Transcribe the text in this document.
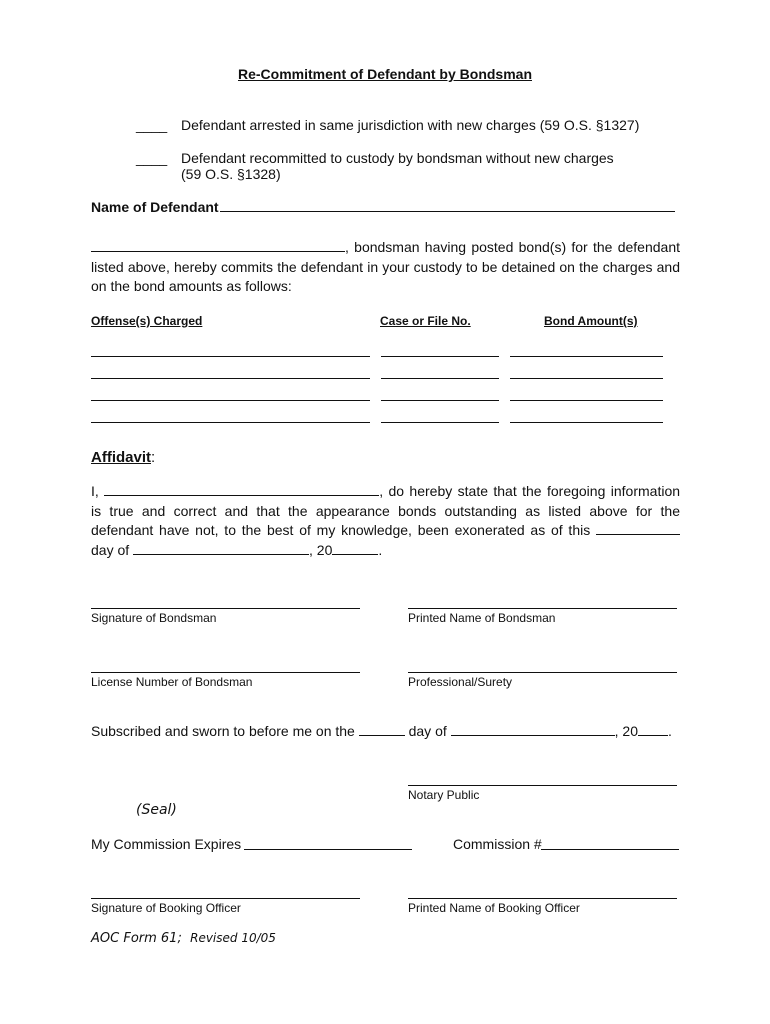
Re-Commitment of Defendant by Bondsman
____ Defendant arrested in same jurisdiction with new charges (59 O.S. §1327)
____ Defendant recommitted to custody by bondsman without new charges
(59 O.S. §1328)
Name of Defendant
, bondsman having posted bond(s) for the defendant listed above, hereby commits the defendant in your custody to be detained on the charges and on the bond amounts as follows:
Offense(s) Charged	Case or File No.	Bond Amount(s)
Affidavit:
I,	, do hereby state that the foregoing information is true and correct and that the appearance bonds outstanding as listed above for the defendant have not, to the best of my knowledge, been exonerated as of this  day of	, 20	.
Signature of Bondsman	Printed Name of Bondsman
License Number of Bondsman	Professional/Surety
Subscribed and sworn to before me on the	day of	, 20 .
Notary Public
(Seal)
My Commission Expires	Commission #
Signature of Booking Officer	Printed Name of Booking Officer
AOC Form 61; Revised 10/05
